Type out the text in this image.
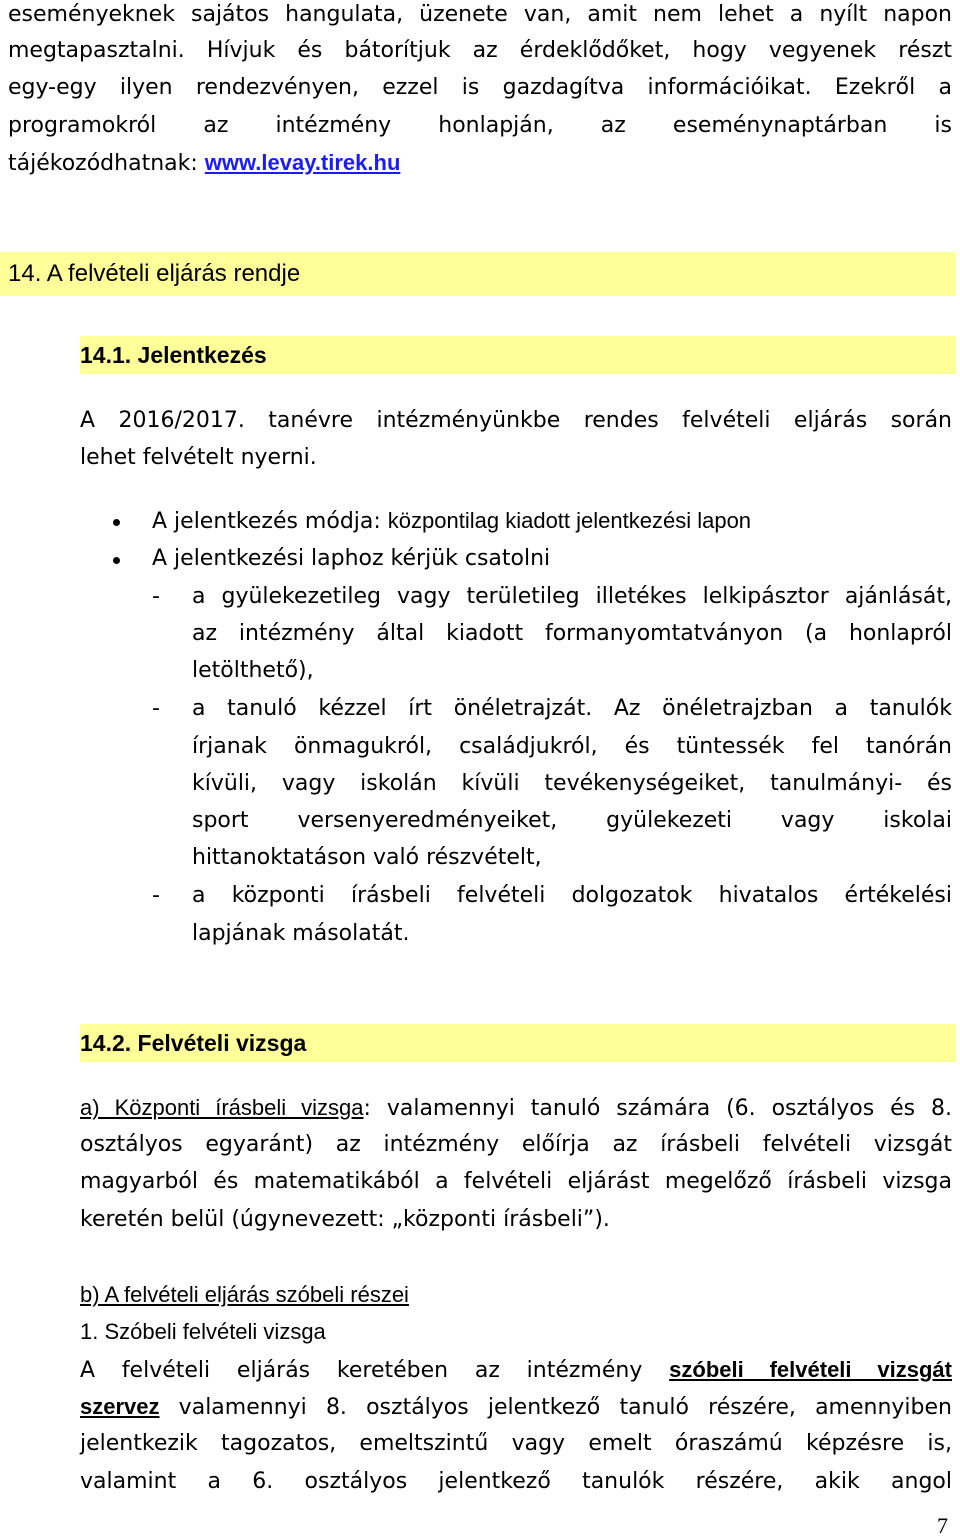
eseményeknek sajátos hangulata, üzenete van, amit nem lehet a nyílt napon
megtapasztalni. Hívjuk és bátorítjuk az érdeklődőket, hogy vegyenek részt
egy-egy ilyen rendezvényen, ezzel is gazdagítva információikat. Ezekről a
programokról az intézmény honlapján, az eseménynaptárban is
tájékozódhatnak: www.levay.tirek.hu
14. A felvételi eljárás rendje
14.1. Jelentkezés
A 2016/2017. tanévre intézményünkbe rendes felvételi eljárás során
lehet felvételt nyerni.
A jelentkezés módja: központilag kiadott jelentkezési lapon
A jelentkezési laphoz kérjük csatolni
- a gyülekezetileg vagy területileg illetékes lelkipásztor ajánlását,
az intézmény által kiadott formanyomtatványon (a honlapról
letölthető),
- a tanuló kézzel írt önéletrajzát. Az önéletrajzban a tanulók
írjanak önmagukról, családjukról, és tüntessék fel tanórán
kívüli, vagy iskolán kívüli tevékenységeiket, tanulmányi- és
sport versenyeredményeiket, gyülekezeti vagy iskolai
hittanoktatáson való részvételt,
- a központi írásbeli felvételi dolgozatok hivatalos értékelési
lapjának másolatát.
14.2. Felvételi vizsga
a) Központi írásbeli vizsga: valamennyi tanuló számára (6. osztályos és 8.
osztályos egyaránt) az intézmény előírja az írásbeli felvételi vizsgát
magyarból és matematikából a felvételi eljárást megelőző írásbeli vizsga
keretén belül (úgynevezett: „központi írásbeli”).
b) A felvételi eljárás szóbeli részei
1. Szóbeli felvételi vizsga
A felvételi eljárás keretében az intézmény szóbeli felvételi vizsgát
szervez valamennyi 8. osztályos jelentkező tanuló részére, amennyiben
jelentkezik tagozatos, emeltszintű vagy emelt óraszámú képzésre is,
valamint a 6. osztályos jelentkező tanulók részére, akik angol
7
